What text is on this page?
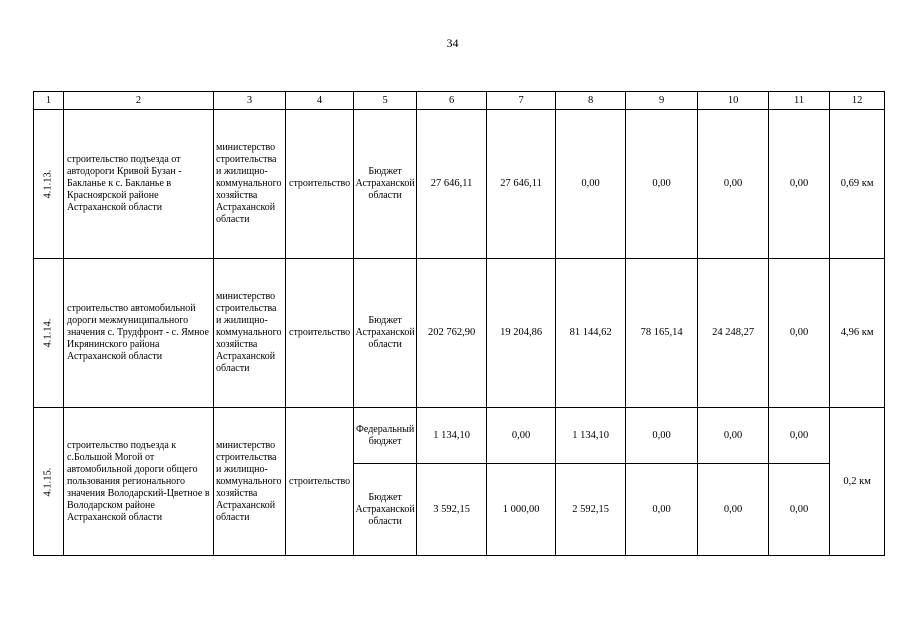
34
1	2	3	4	5	6	7	8	9	10	11	12
4.1.13.	строительство подъезда от автодороги Кривой Бузан - Бакланье к с. Бакланье в Красноярской районе Астраханской области	министерство строительства и жилищно-коммунального хозяйства Астраханской области	строительство	Бюджет Астраханской области	27 646,11	27 646,11	0,00	0,00	0,00	0,00	0,69 км
4.1.14.	строительство автомобильной дороги межмуниципального значения с. Трудфронт - с. Ямное Икрянинского района Астраханской области	министерство строительства и жилищно-коммунального хозяйства Астраханской области	строительство	Бюджет Астраханской области	202 762,90	19 204,86	81 144,62	78 165,14	24 248,27	0,00	4,96 км
4.1.15.	строительство подъезда к с.Большой Могой от автомобильной дороги общего пользования регионального значения Володарский-Цветное в Володарском районе Астраханской области	министерство строительства и жилищно-коммунального хозяйства Астраханской области	строительство	Федеральный бюджет	1 134,10	0,00	1 134,10	0,00	0,00	0,00	0,2 км
				Бюджет Астраханской области	3 592,15	1 000,00	2 592,15	0,00	0,00	0,00	
